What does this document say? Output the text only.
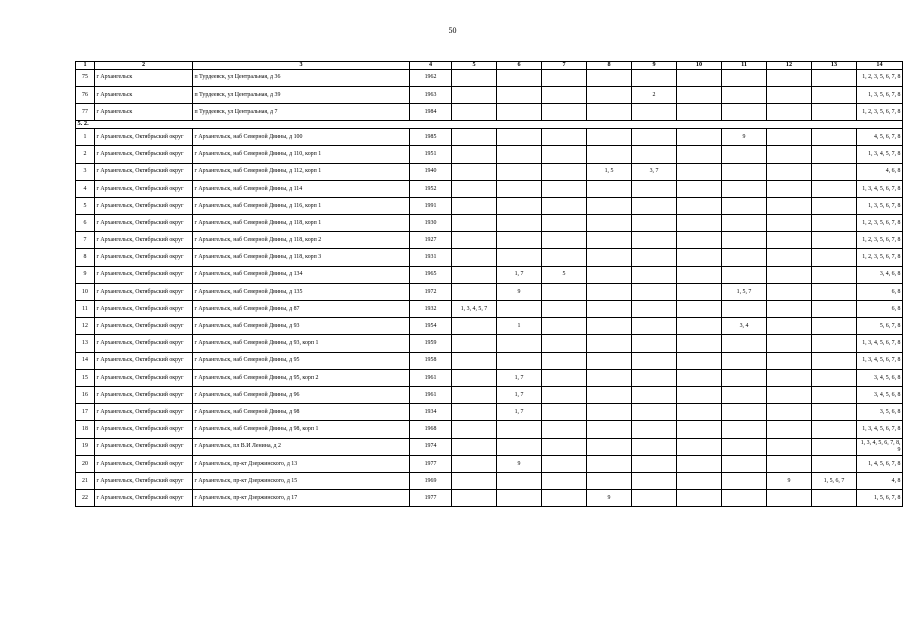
50
1	2	3	4	5	6	7	8	9	10	11	12	13	14
75	г Архангельск	п Турдеевск, ул Центральная, д 36	1962										1, 2, 3, 5, 6, 7, 8
76	г Архангельск	п Турдеевск, ул Центральная, д 39	1963					2					1, 3, 5, 6, 7, 8
77	г Архангельск	п Турдеевск, ул Центральная, д 7	1984										1, 2, 3, 5, 6, 7, 8
5. 2.													
1	г Архангельск, Октябрьский округ	г Архангельск, наб Северной Двины, д 100	1985							9			4, 5, 6, 7, 8
2	г Архангельск, Октябрьский округ	г Архангельск, наб Северной Двины, д 110, корп 1	1951										1, 3, 4, 5, 7, 8
3	г Архангельск, Октябрьский округ	г Архангельск, наб Северной Двины, д 112, корп 1	1940				1, 5	3, 7					4, 6, 8
4	г Архангельск, Октябрьский округ	г Архангельск, наб Северной Двины, д 114	1952										1, 3, 4, 5, 6, 7, 8
5	г Архангельск, Октябрьский округ	г Архангельск, наб Северной Двины, д 116, корп 1	1991										1, 3, 5, 6, 7, 8
6	г Архангельск, Октябрьский округ	г Архангельск, наб Северной Двины, д 118, корп 1	1930										1, 2, 3, 5, 6, 7, 8
7	г Архангельск, Октябрьский округ	г Архангельск, наб Северной Двины, д 118, корп 2	1927										1, 2, 3, 5, 6, 7, 8
8	г Архангельск, Октябрьский округ	г Архангельск, наб Северной Двины, д 118, корп 3	1931										1, 2, 3, 5, 6, 7, 8
9	г Архангельск, Октябрьский округ	г Архангельск, наб Северной Двины, д 134	1965		1, 7	5							3, 4, 6, 8
10	г Архангельск, Октябрьский округ	г Архангельск, наб Северной Двины, д 135	1972		9					1, 5, 7			6, 8
11	г Архангельск, Октябрьский округ	г Архангельск, наб Северной Двины, д 87	1932	1, 3, 4, 5, 7									6, 8
12	г Архангельск, Октябрьский округ	г Архангельск, наб Северной Двины, д 93	1954		1					3, 4			5, 6, 7, 8
13	г Архангельск, Октябрьский округ	г Архангельск, наб Северной Двины, д 93, корп 1	1959										1, 3, 4, 5, 6, 7, 8
14	г Архангельск, Октябрьский округ	г Архангельск, наб Северной Двины, д 95	1958										1, 3, 4, 5, 6, 7, 8
15	г Архангельск, Октябрьский округ	г Архангельск, наб Северной Двины, д 95, корп 2	1961		1, 7								3, 4, 5, 6, 8
16	г Архангельск, Октябрьский округ	г Архангельск, наб Северной Двины, д 96	1961		1, 7								3, 4, 5, 6, 8
17	г Архангельск, Октябрьский округ	г Архангельск, наб Северной Двины, д 98	1934		1, 7								3, 5, 6, 8
18	г Архангельск, Октябрьский округ	г Архангельск, наб Северной Двины, д 98, корп 1	1968										1, 3, 4, 5, 6, 7, 8
19	г Архангельск, Октябрьский округ	г Архангельск, пл В.И Ленина, д 2	1974										1, 3, 4, 5, 6, 7, 8, 9
20	г Архангельск, Октябрьский округ	г Архангельск, пр-кт Дзержинского, д 13	1977		9								1, 4, 5, 6, 7, 8
21	г Архангельск, Октябрьский округ	г Архангельск, пр-кт Дзержинского, д 15	1969								9	1, 5, 6, 7	4, 8
22	г Архангельск, Октябрьский округ	г Архангельск, пр-кт Дзержинского, д 17	1977				9						1, 5, 6, 7, 8
